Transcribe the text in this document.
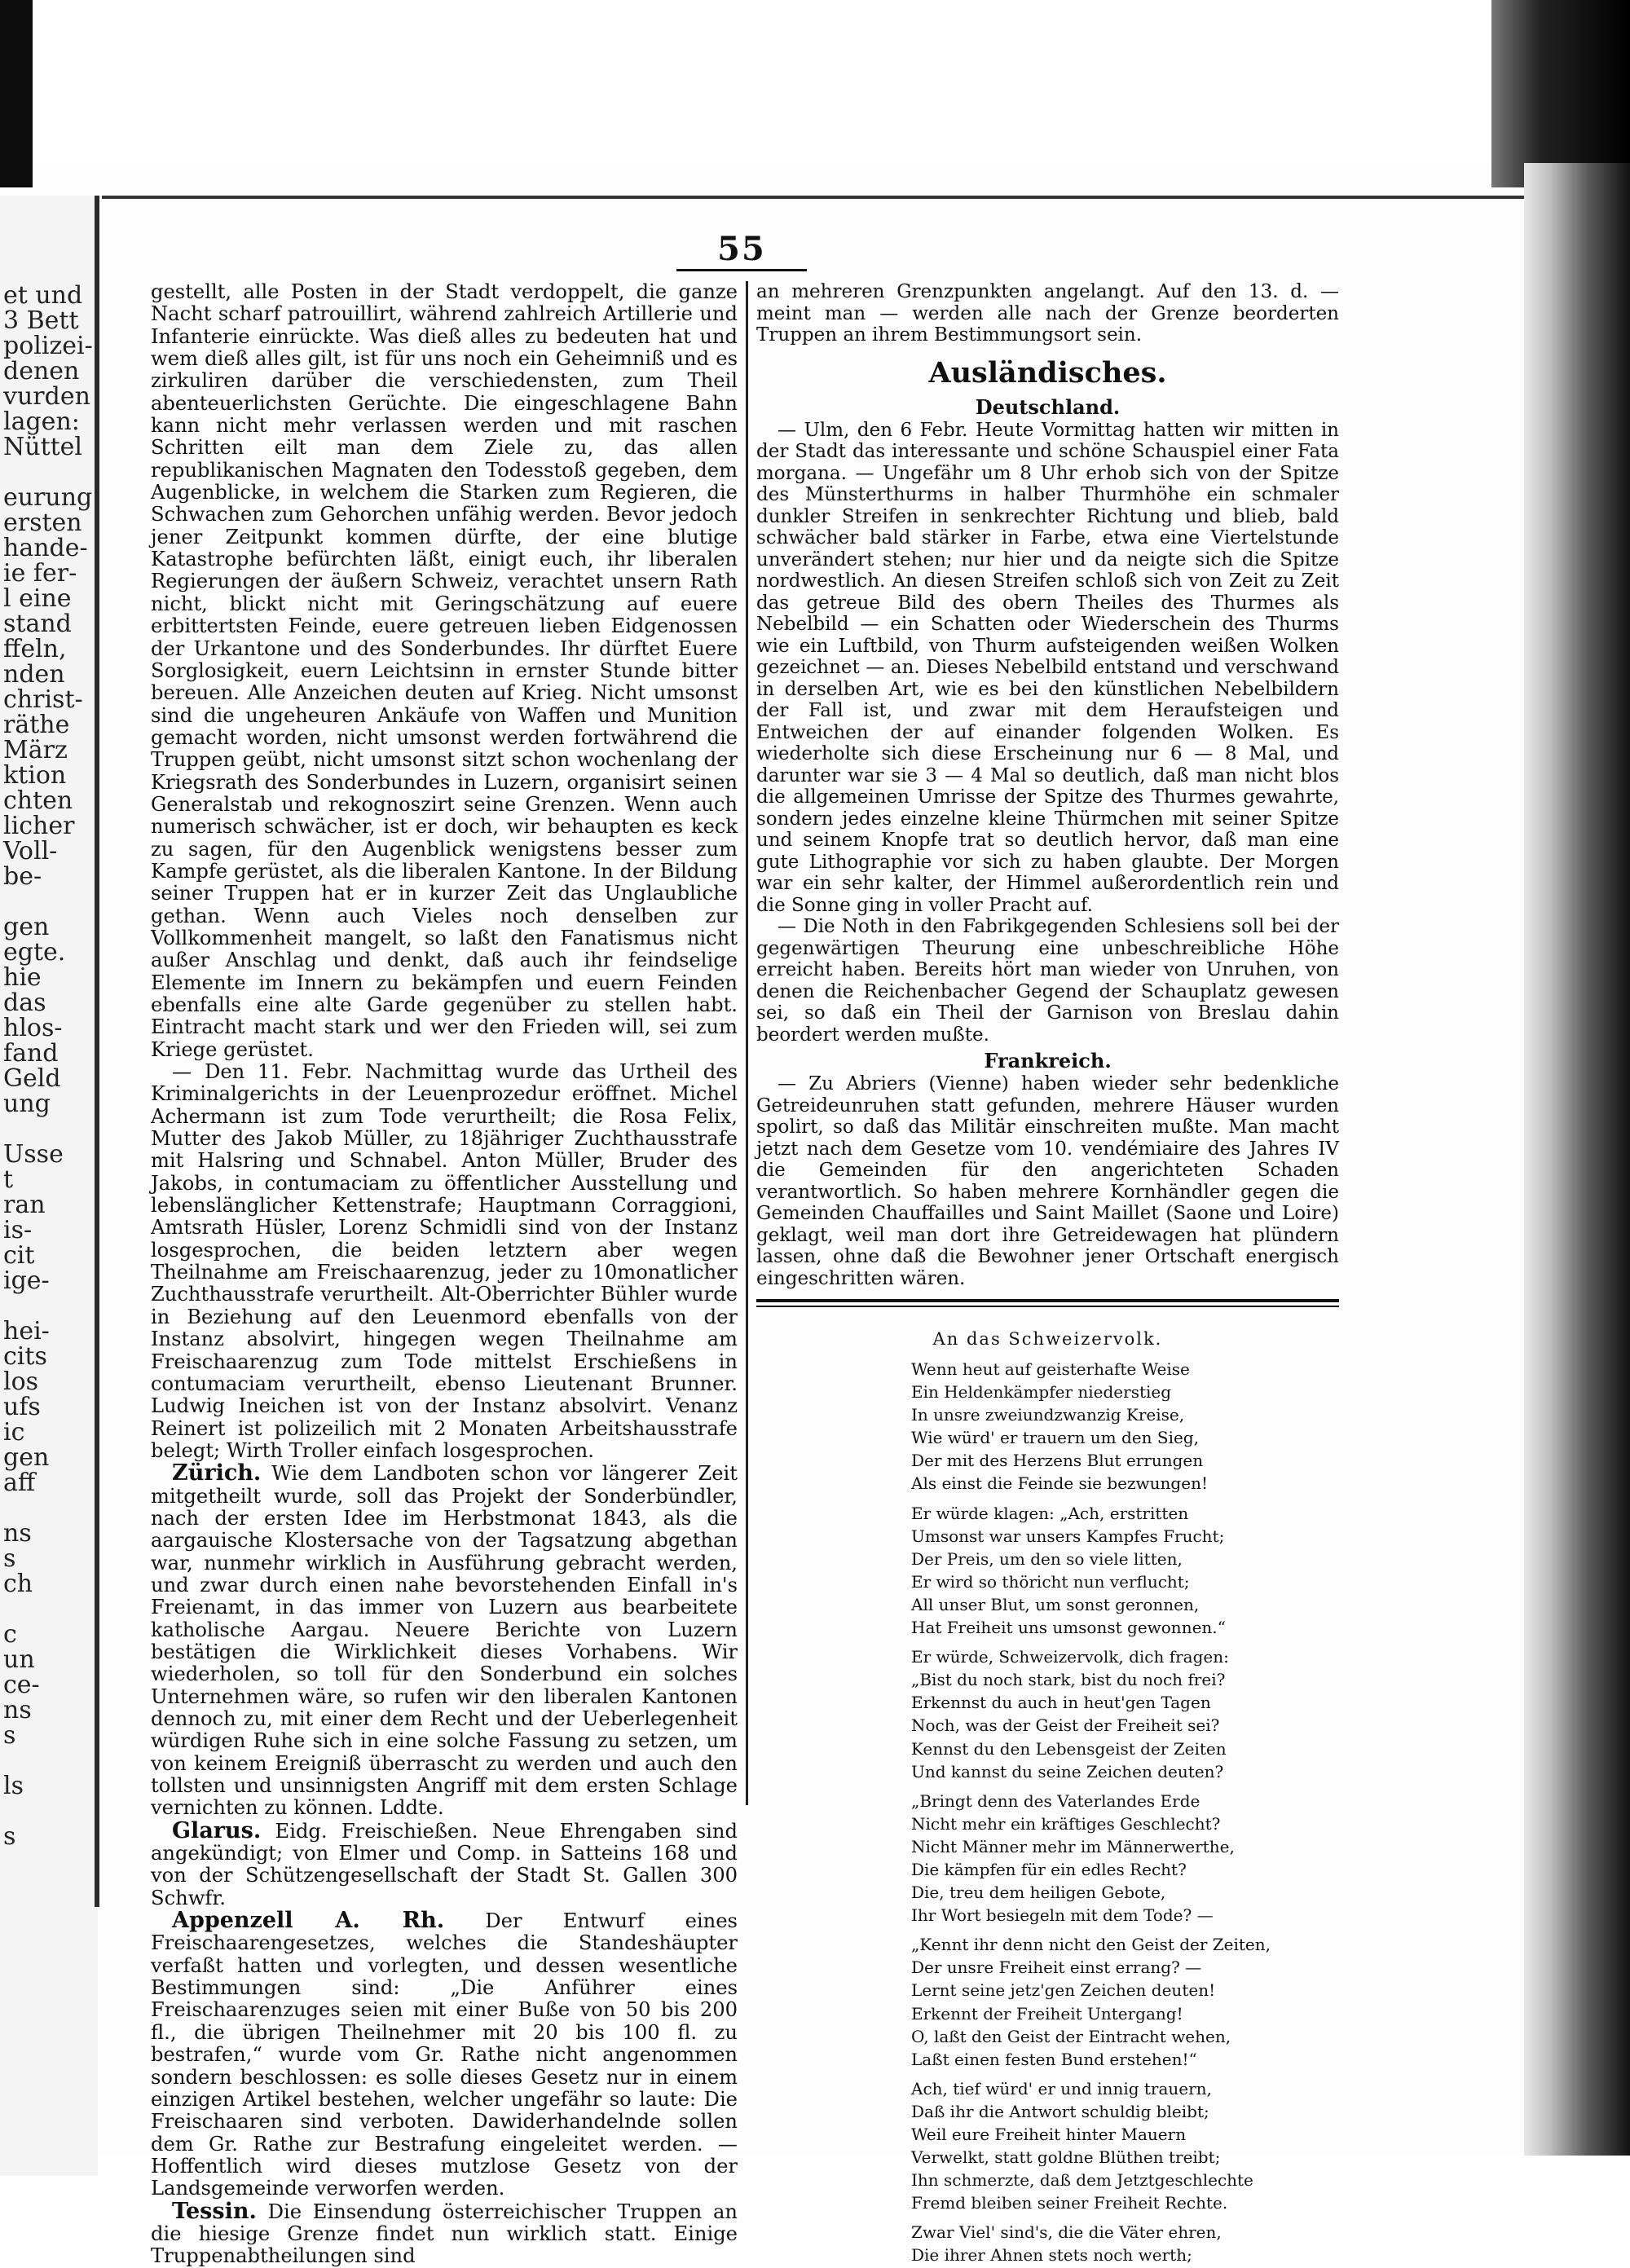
et und
3 Bett
polizei-
denen
vurden
lagen:
Nüttel
eurung
ersten
hande-
ie fer-
l eine
stand
ffeln,
nden
christ-
räthe
März
ktion
chten
licher
Voll-
be-
gen
egte.
hie
das
hlos-
fand
Geld
ung
Usse
t
ran
is-
cit
ige-
hei-
cits
los
ufs
ic
gen
aff
ns
s
ch
c
un
ce-
ns
s
ls
s
55

gestellt, alle Posten in der Stadt verdoppelt, die ganze Nacht scharf patrouillirt, während zahlreich Artillerie und Infanterie einrückte. Was dieß alles zu bedeuten hat und wem dieß alles gilt, ist für uns noch ein Geheimniß und es zirkuliren darüber die verschiedensten, zum Theil abenteuerlichsten Gerüchte. Die eingeschlagene Bahn kann nicht mehr verlassen werden und mit raschen Schritten eilt man dem Ziele zu, das allen republikanischen Magnaten den Todesstoß gegeben, dem Augenblicke, in welchem die Starken zum Regieren, die Schwachen zum Gehorchen unfähig werden. Bevor jedoch jener Zeitpunkt kommen dürfte, der eine blutige Katastrophe befürchten läßt, einigt euch, ihr liberalen Regierungen der äußern Schweiz, verachtet unsern Rath nicht, blickt nicht mit Geringschätzung auf euere erbittertsten Feinde, euere getreuen lieben Eidgenossen der Urkantone und des Sonderbundes. Ihr dürftet Euere Sorglosigkeit, euern Leichtsinn in ernster Stunde bitter bereuen. Alle Anzeichen deuten auf Krieg. Nicht umsonst sind die ungeheuren Ankäufe von Waffen und Munition gemacht worden, nicht umsonst werden fortwährend die Truppen geübt, nicht umsonst sitzt schon wochenlang der Kriegsrath des Sonderbundes in Luzern, organisirt seinen Generalstab und rekognoszirt seine Grenzen. Wenn auch numerisch schwächer, ist er doch, wir behaupten es keck zu sagen, für den Augenblick wenigstens besser zum Kampfe gerüstet, als die liberalen Kantone. In der Bildung seiner Truppen hat er in kurzer Zeit das Unglaubliche gethan. Wenn auch Vieles noch denselben zur Vollkommenheit mangelt, so laßt den Fanatismus nicht außer Anschlag und denkt, daß auch ihr feindselige Elemente im Innern zu bekämpfen und euern Feinden ebenfalls eine alte Garde gegenüber zu stellen habt. Eintracht macht stark und wer den Frieden will, sei zum Kriege gerüstet.

— Den 11. Febr. Nachmittag wurde das Urtheil des Kriminalgerichts in der Leuenprozedur eröffnet. Michel Achermann ist zum Tode verurtheilt; die Rosa Felix, Mutter des Jakob Müller, zu 18jähriger Zuchthausstrafe mit Halsring und Schnabel. Anton Müller, Bruder des Jakobs, in contumaciam zu öffentlicher Ausstellung und lebenslänglicher Kettenstrafe; Hauptmann Corraggioni, Amtsrath Hüsler, Lorenz Schmidli sind von der Instanz losgesprochen, die beiden letztern aber wegen Theilnahme am Freischaarenzug, jeder zu 10monatlicher Zuchthausstrafe verurtheilt. Alt-Oberrichter Bühler wurde in Beziehung auf den Leuenmord ebenfalls von der Instanz absolvirt, hingegen wegen Theilnahme am Freischaarenzug zum Tode mittelst Erschießens in contumaciam verurtheilt, ebenso Lieutenant Brunner. Ludwig Ineichen ist von der Instanz absolvirt. Venanz Reinert ist polizeilich mit 2 Monaten Arbeitshausstrafe belegt; Wirth Troller einfach losgesprochen.

Zürich. Wie dem Landboten schon vor längerer Zeit mitgetheilt wurde, soll das Projekt der Sonderbündler, nach der ersten Idee im Herbstmonat 1843, als die aargauische Klostersache von der Tagsatzung abgethan war, nunmehr wirklich in Ausführung gebracht werden, und zwar durch einen nahe bevorstehenden Einfall in's Freienamt, in das immer von Luzern aus bearbeitete katholische Aargau. Neuere Berichte von Luzern bestätigen die Wirklichkeit dieses Vorhabens. Wir wiederholen, so toll für den Sonderbund ein solches Unternehmen wäre, so rufen wir den liberalen Kantonen dennoch zu, mit einer dem Recht und der Ueberlegenheit würdigen Ruhe sich in eine solche Fassung zu setzen, um von keinem Ereigniß überrascht zu werden und auch den tollsten und unsinnigsten Angriff mit dem ersten Schlage vernichten zu können. Lddte.

Glarus. Eidg. Freischießen. Neue Ehrengaben sind angekündigt; von Elmer und Comp. in Satteins 168 und von der Schützengesellschaft der Stadt St. Gallen 300 Schwfr.

Appenzell A. Rh. Der Entwurf eines Freischaarengesetzes, welches die Standeshäupter verfaßt hatten und vorlegten, und dessen wesentliche Bestimmungen sind: „Die Anführer eines Freischaarenzuges seien mit einer Buße von 50 bis 200 fl., die übrigen Theilnehmer mit 20 bis 100 fl. zu bestrafen,“ wurde vom Gr. Rathe nicht angenommen sondern beschlossen: es solle dieses Gesetz nur in einem einzigen Artikel bestehen, welcher ungefähr so laute: Die Freischaaren sind verboten. Dawiderhandelnde sollen dem Gr. Rathe zur Bestrafung eingeleitet werden. — Hoffentlich wird dieses mutzlose Gesetz von der Landsgemeinde verworfen werden.

Tessin. Die Einsendung österreichischer Truppen an die hiesige Grenze findet nun wirklich statt. Einige Truppenabtheilungen sind

an mehreren Grenzpunkten angelangt. Auf den 13. d. — meint man — werden alle nach der Grenze beorderten Truppen an ihrem Bestimmungsort sein.

Ausländisches.
Deutschland.

— Ulm, den 6 Febr. Heute Vormittag hatten wir mitten in der Stadt das interessante und schöne Schauspiel einer Fata morgana. — Ungefähr um 8 Uhr erhob sich von der Spitze des Münsterthurms in halber Thurmhöhe ein schmaler dunkler Streifen in senkrechter Richtung und blieb, bald schwächer bald stärker in Farbe, etwa eine Viertelstunde unverändert stehen; nur hier und da neigte sich die Spitze nordwestlich. An diesen Streifen schloß sich von Zeit zu Zeit das getreue Bild des obern Theiles des Thurmes als Nebelbild — ein Schatten oder Wiederschein des Thurms wie ein Luftbild, von Thurm aufsteigenden weißen Wolken gezeichnet — an. Dieses Nebelbild entstand und verschwand in derselben Art, wie es bei den künstlichen Nebelbildern der Fall ist, und zwar mit dem Heraufsteigen und Entweichen der auf einander folgenden Wolken. Es wiederholte sich diese Erscheinung nur 6 — 8 Mal, und darunter war sie 3 — 4 Mal so deutlich, daß man nicht blos die allgemeinen Umrisse der Spitze des Thurmes gewahrte, sondern jedes einzelne kleine Thürmchen mit seiner Spitze und seinem Knopfe trat so deutlich hervor, daß man eine gute Lithographie vor sich zu haben glaubte. Der Morgen war ein sehr kalter, der Himmel außerordentlich rein und die Sonne ging in voller Pracht auf.

— Die Noth in den Fabrikgegenden Schlesiens soll bei der gegenwärtigen Theurung eine unbeschreibliche Höhe erreicht haben. Bereits hört man wieder von Unruhen, von denen die Reichenbacher Gegend der Schauplatz gewesen sei, so daß ein Theil der Garnison von Breslau dahin beordert werden mußte.

Frankreich.

— Zu Abriers (Vienne) haben wieder sehr bedenkliche Getreideunruhen statt gefunden, mehrere Häuser wurden spolirt, so daß das Militär einschreiten mußte. Man macht jetzt nach dem Gesetze vom 10. vendémiaire des Jahres IV die Gemeinden für den angerichteten Schaden verantwortlich. So haben mehrere Kornhändler gegen die Gemeinden Chauffailles und Saint Maillet (Saone und Loire) geklagt, weil man dort ihre Getreidewagen hat plündern lassen, ohne daß die Bewohner jener Ortschaft energisch eingeschritten wären.

An das Schweizervolk.
Wenn heut auf geisterhafte Weise
Ein Heldenkämpfer niederstieg
In unsre zweiundzwanzig Kreise,
Wie würd' er trauern um den Sieg,
Der mit des Herzens Blut errungen
Als einst die Feinde sie bezwungen!
Er würde klagen: „Ach, erstritten
Umsonst war unsers Kampfes Frucht;
Der Preis, um den so viele litten,
Er wird so thöricht nun verflucht;
All unser Blut, um sonst geronnen,
Hat Freiheit uns umsonst gewonnen.“
Er würde, Schweizervolk, dich fragen:
„Bist du noch stark, bist du noch frei?
Erkennst du auch in heut'gen Tagen
Noch, was der Geist der Freiheit sei?
Kennst du den Lebensgeist der Zeiten
Und kannst du seine Zeichen deuten?
„Bringt denn des Vaterlandes Erde
Nicht mehr ein kräftiges Geschlecht?
Nicht Männer mehr im Männerwerthe,
Die kämpfen für ein edles Recht?
Die, treu dem heiligen Gebote,
Ihr Wort besiegeln mit dem Tode? —
„Kennt ihr denn nicht den Geist der Zeiten,
Der unsre Freiheit einst errang? —
Lernt seine jetz'gen Zeichen deuten!
Erkennt der Freiheit Untergang!
O, laßt den Geist der Eintracht wehen,
Laßt einen festen Bund erstehen!“
Ach, tief würd' er und innig trauern,
Daß ihr die Antwort schuldig bleibt;
Weil eure Freiheit hinter Mauern
Verwelkt, statt goldne Blüthen treibt;
Ihn schmerzte, daß dem Jetztgeschlechte
Fremd bleiben seiner Freiheit Rechte.
Zwar Viel' sind's, die die Väter ehren,
Die ihrer Ahnen stets noch werth;
